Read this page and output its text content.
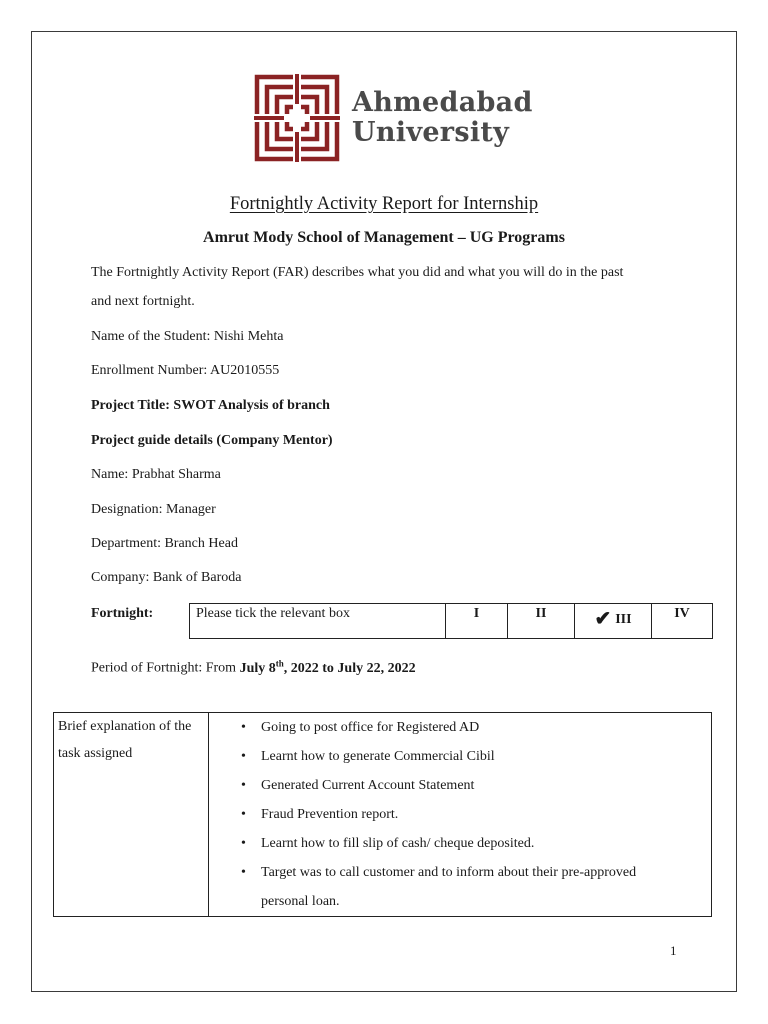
Ahmedabad
University
Fortnightly Activity Report for Internship
Amrut Mody School of Management – UG Programs
The Fortnightly Activity Report (FAR) describes what you did and what you will do in the past
and next fortnight.
Name of the Student: Nishi Mehta
Enrollment Number: AU2010555
Project Title: SWOT Analysis of branch
Project guide details (Company Mentor)
Name: Prabhat Sharma
Designation: Manager
Department: Branch Head
Company: Bank of Baroda
Fortnight:	Please tick the relevant box	I	II	✔ III	IV
Period of Fortnight: From July 8th, 2022 to July 22, 2022
Brief explanation of the task assigned	
• Going to post office for Registered AD
• Learnt how to generate Commercial Cibil
• Generated Current Account Statement
• Fraud Prevention report.
• Learnt how to fill slip of cash/ cheque deposited.
• Target was to call customer and to inform about their pre-approved personal loan.
1
